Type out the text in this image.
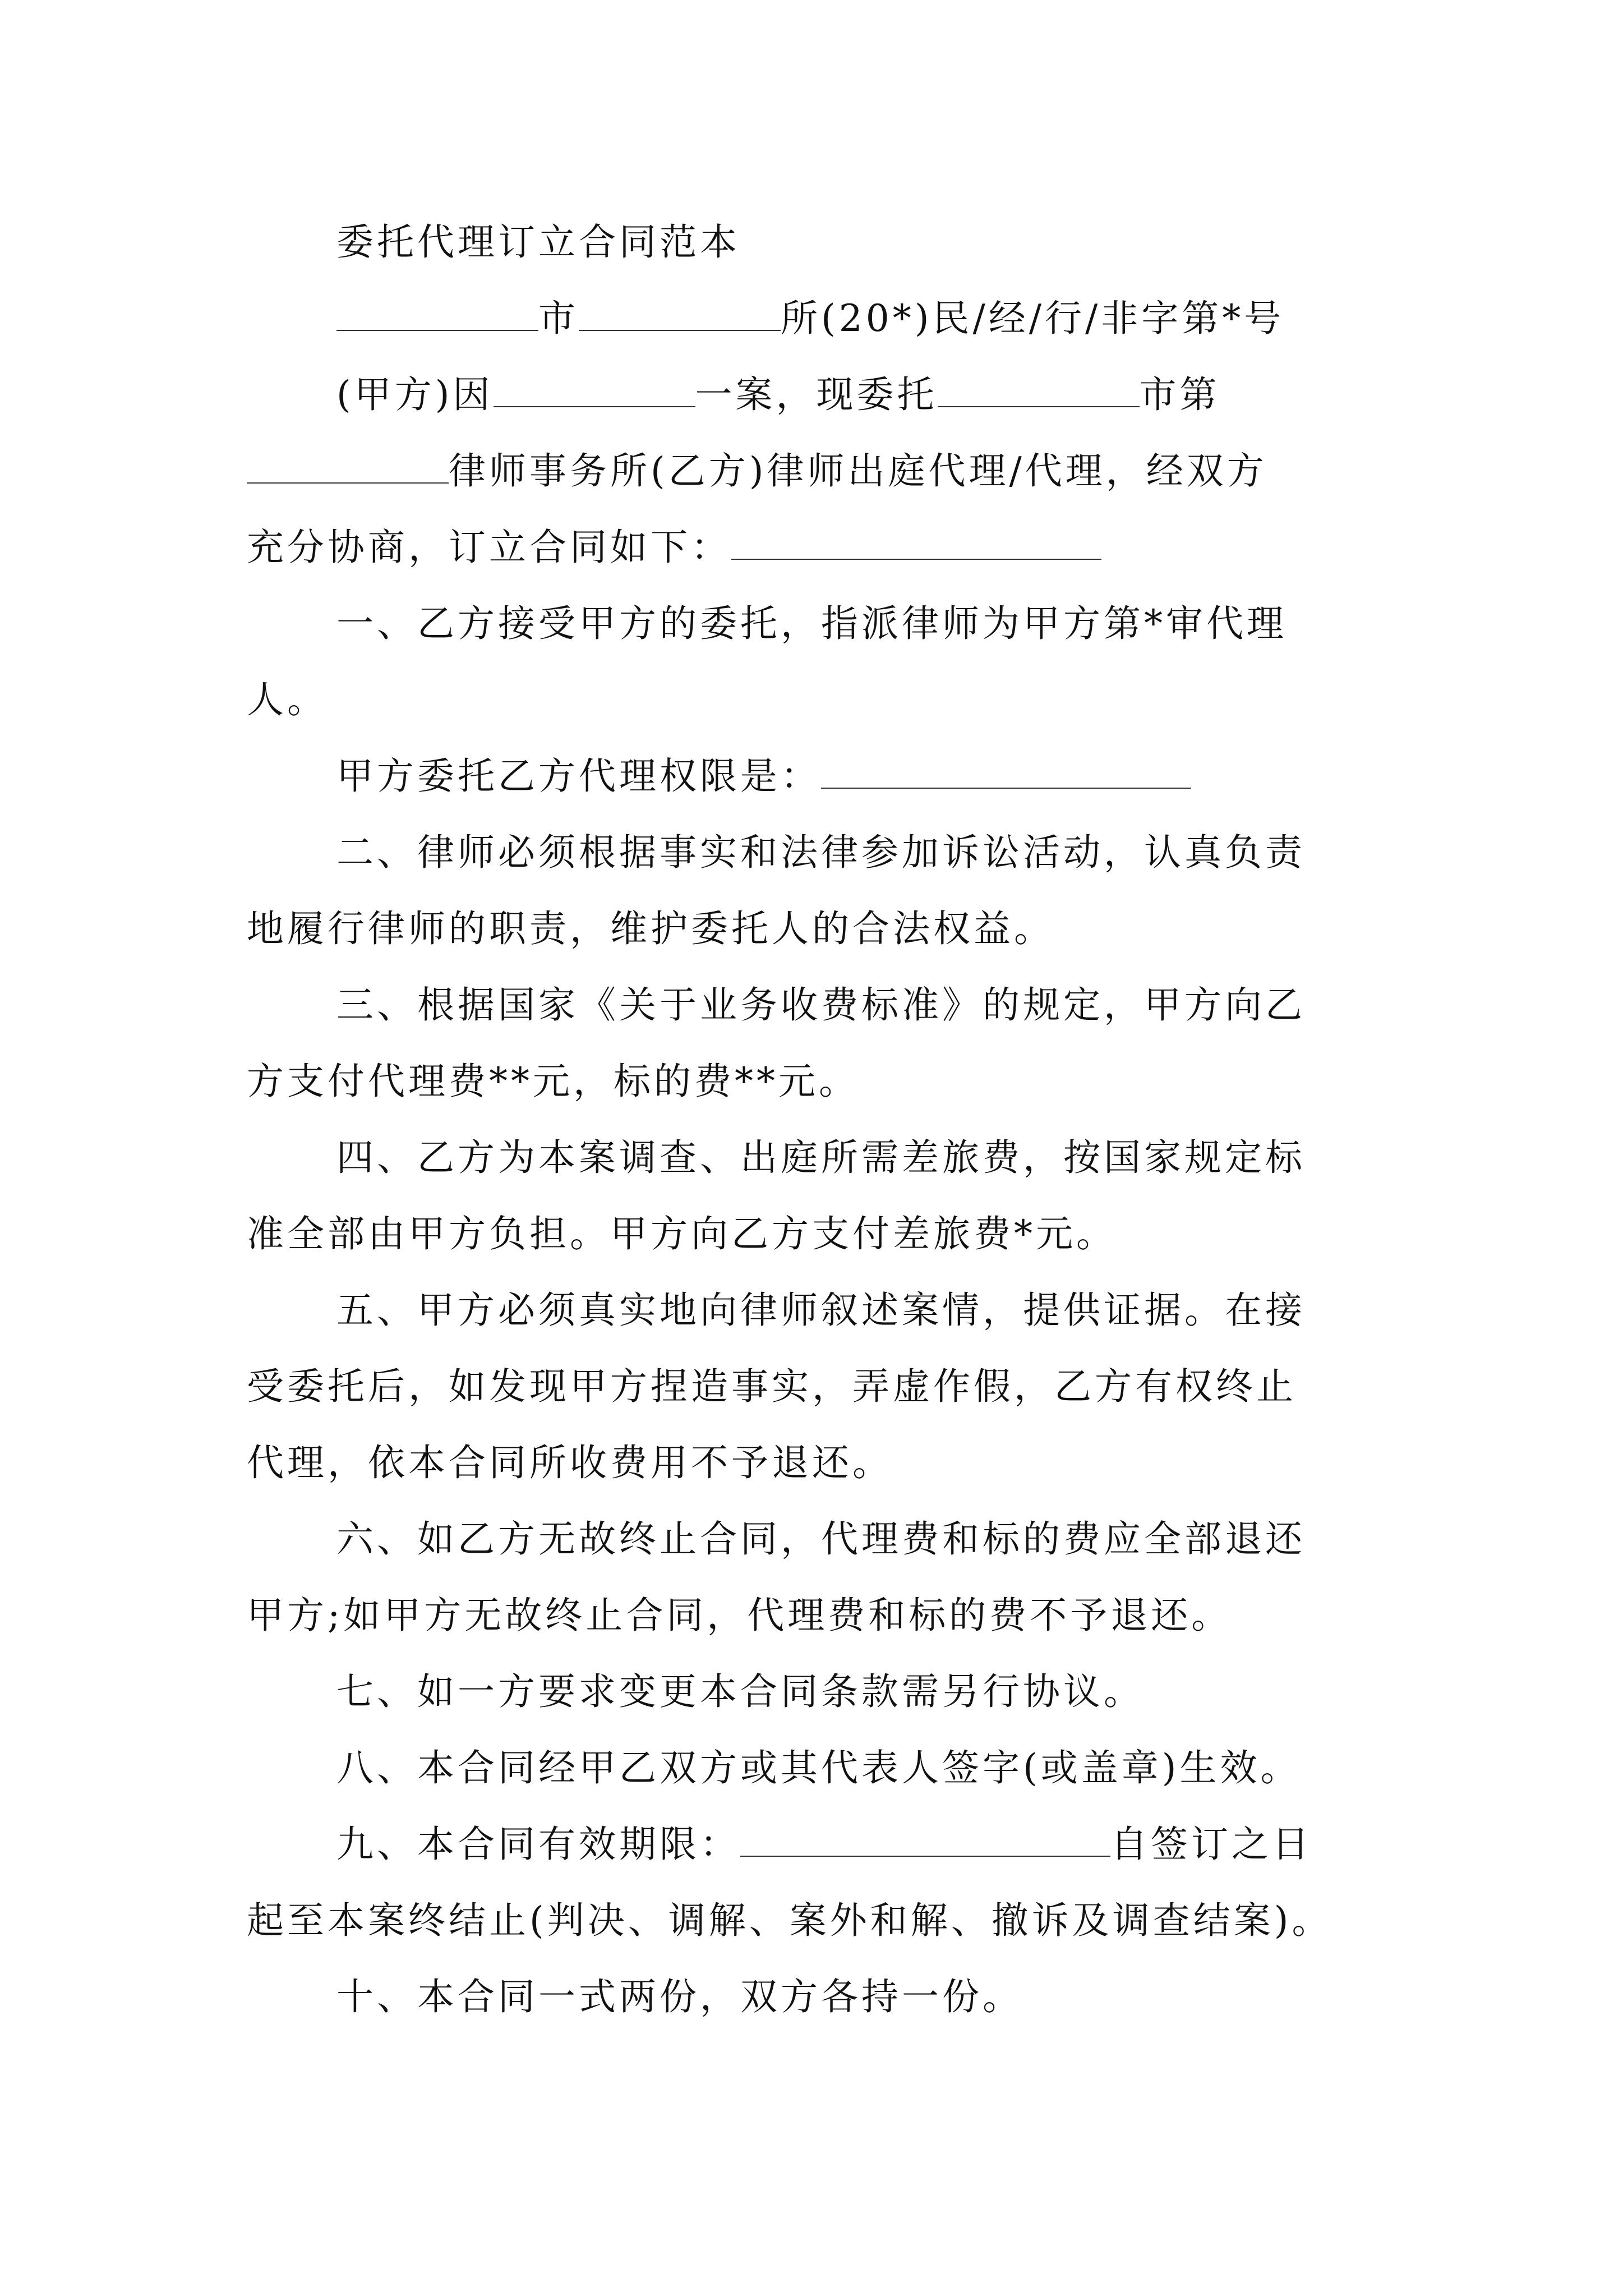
委托代理订立合同范本
市	所(20*)民/经/行/非字第*号
(甲方)因	一案，现委托	市第
律师事务所(乙方)律师出庭代理/代理，经双方
充分协商，订立合同如下：
一、乙方接受甲方的委托，指派律师为甲方第*审代理
人。
甲方委托乙方代理权限是：
二、律师必须根据事实和法律参加诉讼活动，认真负责
地履行律师的职责，维护委托人的合法权益。
三、根据国家《关于业务收费标准》的规定，甲方向乙
方支付代理费**元，标的费**元。
四、乙方为本案调查、出庭所需差旅费，按国家规定标
准全部由甲方负担。甲方向乙方支付差旅费*元。
五、甲方必须真实地向律师叙述案情，提供证据。在接
受委托后，如发现甲方捏造事实，弄虚作假，乙方有权终止
代理，依本合同所收费用不予退还。
六、如乙方无故终止合同，代理费和标的费应全部退还
甲方;如甲方无故终止合同，代理费和标的费不予退还。
七、如一方要求变更本合同条款需另行协议。
八、本合同经甲乙双方或其代表人签字(或盖章)生效。
九、本合同有效期限：	自签订之日
起至本案终结止(判决、调解、案外和解、撤诉及调查结案)。
十、本合同一式两份，双方各持一份。
